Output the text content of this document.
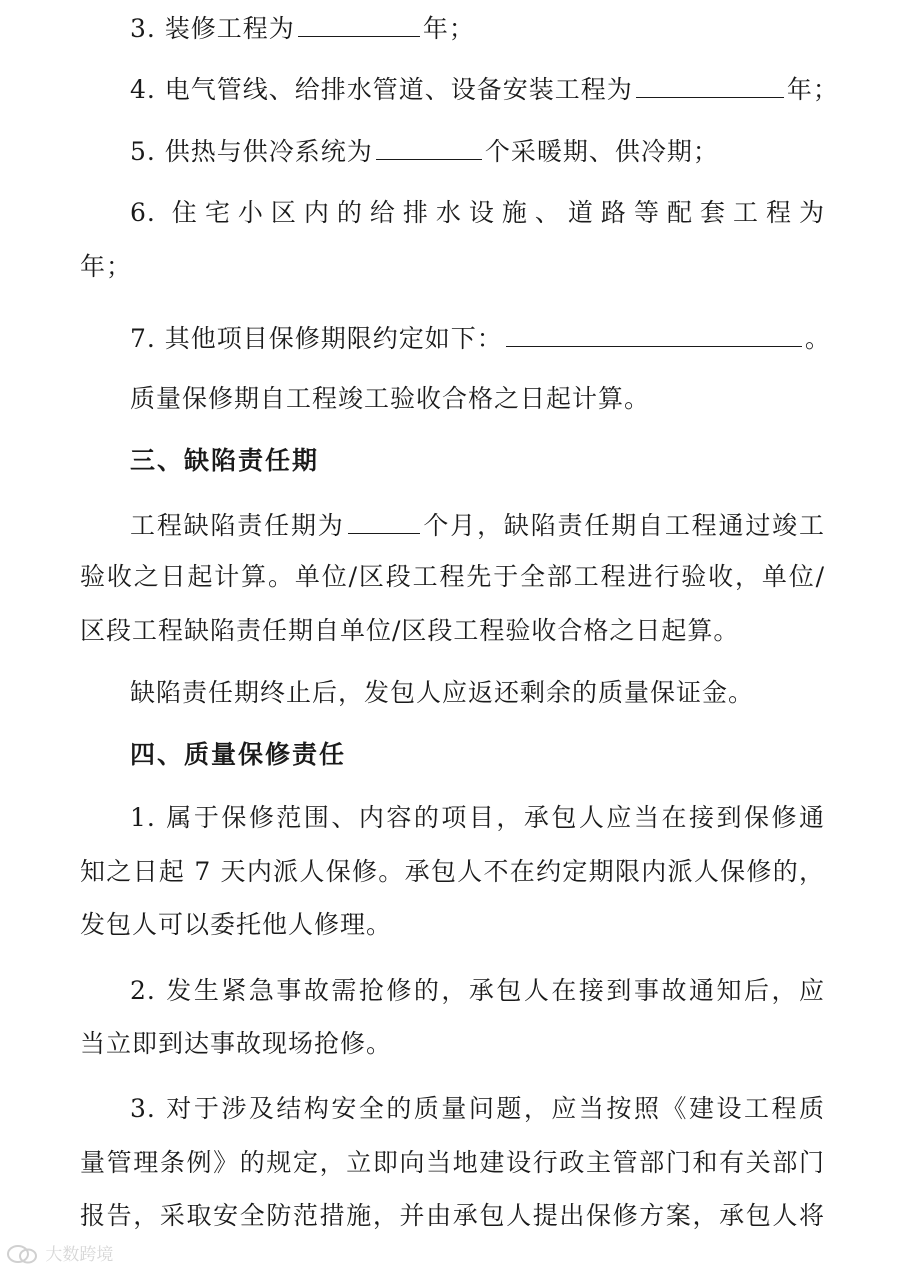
3. 装修工程为	年；
4. 电气管线、给排水管道、设备安装工程为	年；
5. 供热与供冷系统为	个采暖期、供冷期；
6. 住宅小区内的给排水设施、道路等配套工程为
年；
7. 其他项目保修期限约定如下：	。
质量保修期自工程竣工验收合格之日起计算。
三、缺陷责任期
工程缺陷责任期为	个月，缺陷责任期自工程通过竣工
验收之日起计算。单位/区段工程先于全部工程进行验收，单位/
区段工程缺陷责任期自单位/区段工程验收合格之日起算。
缺陷责任期终止后，发包人应返还剩余的质量保证金。
四、质量保修责任
1. 属于保修范围、内容的项目，承包人应当在接到保修通
知之日起 7 天内派人保修。承包人不在约定期限内派人保修的，
发包人可以委托他人修理。
2. 发生紧急事故需抢修的，承包人在接到事故通知后，应
当立即到达事故现场抢修。
3. 对于涉及结构安全的质量问题，应当按照《建设工程质
量管理条例》的规定，立即向当地建设行政主管部门和有关部门
报告，采取安全防范措施，并由承包人提出保修方案，承包人将
大数跨境
